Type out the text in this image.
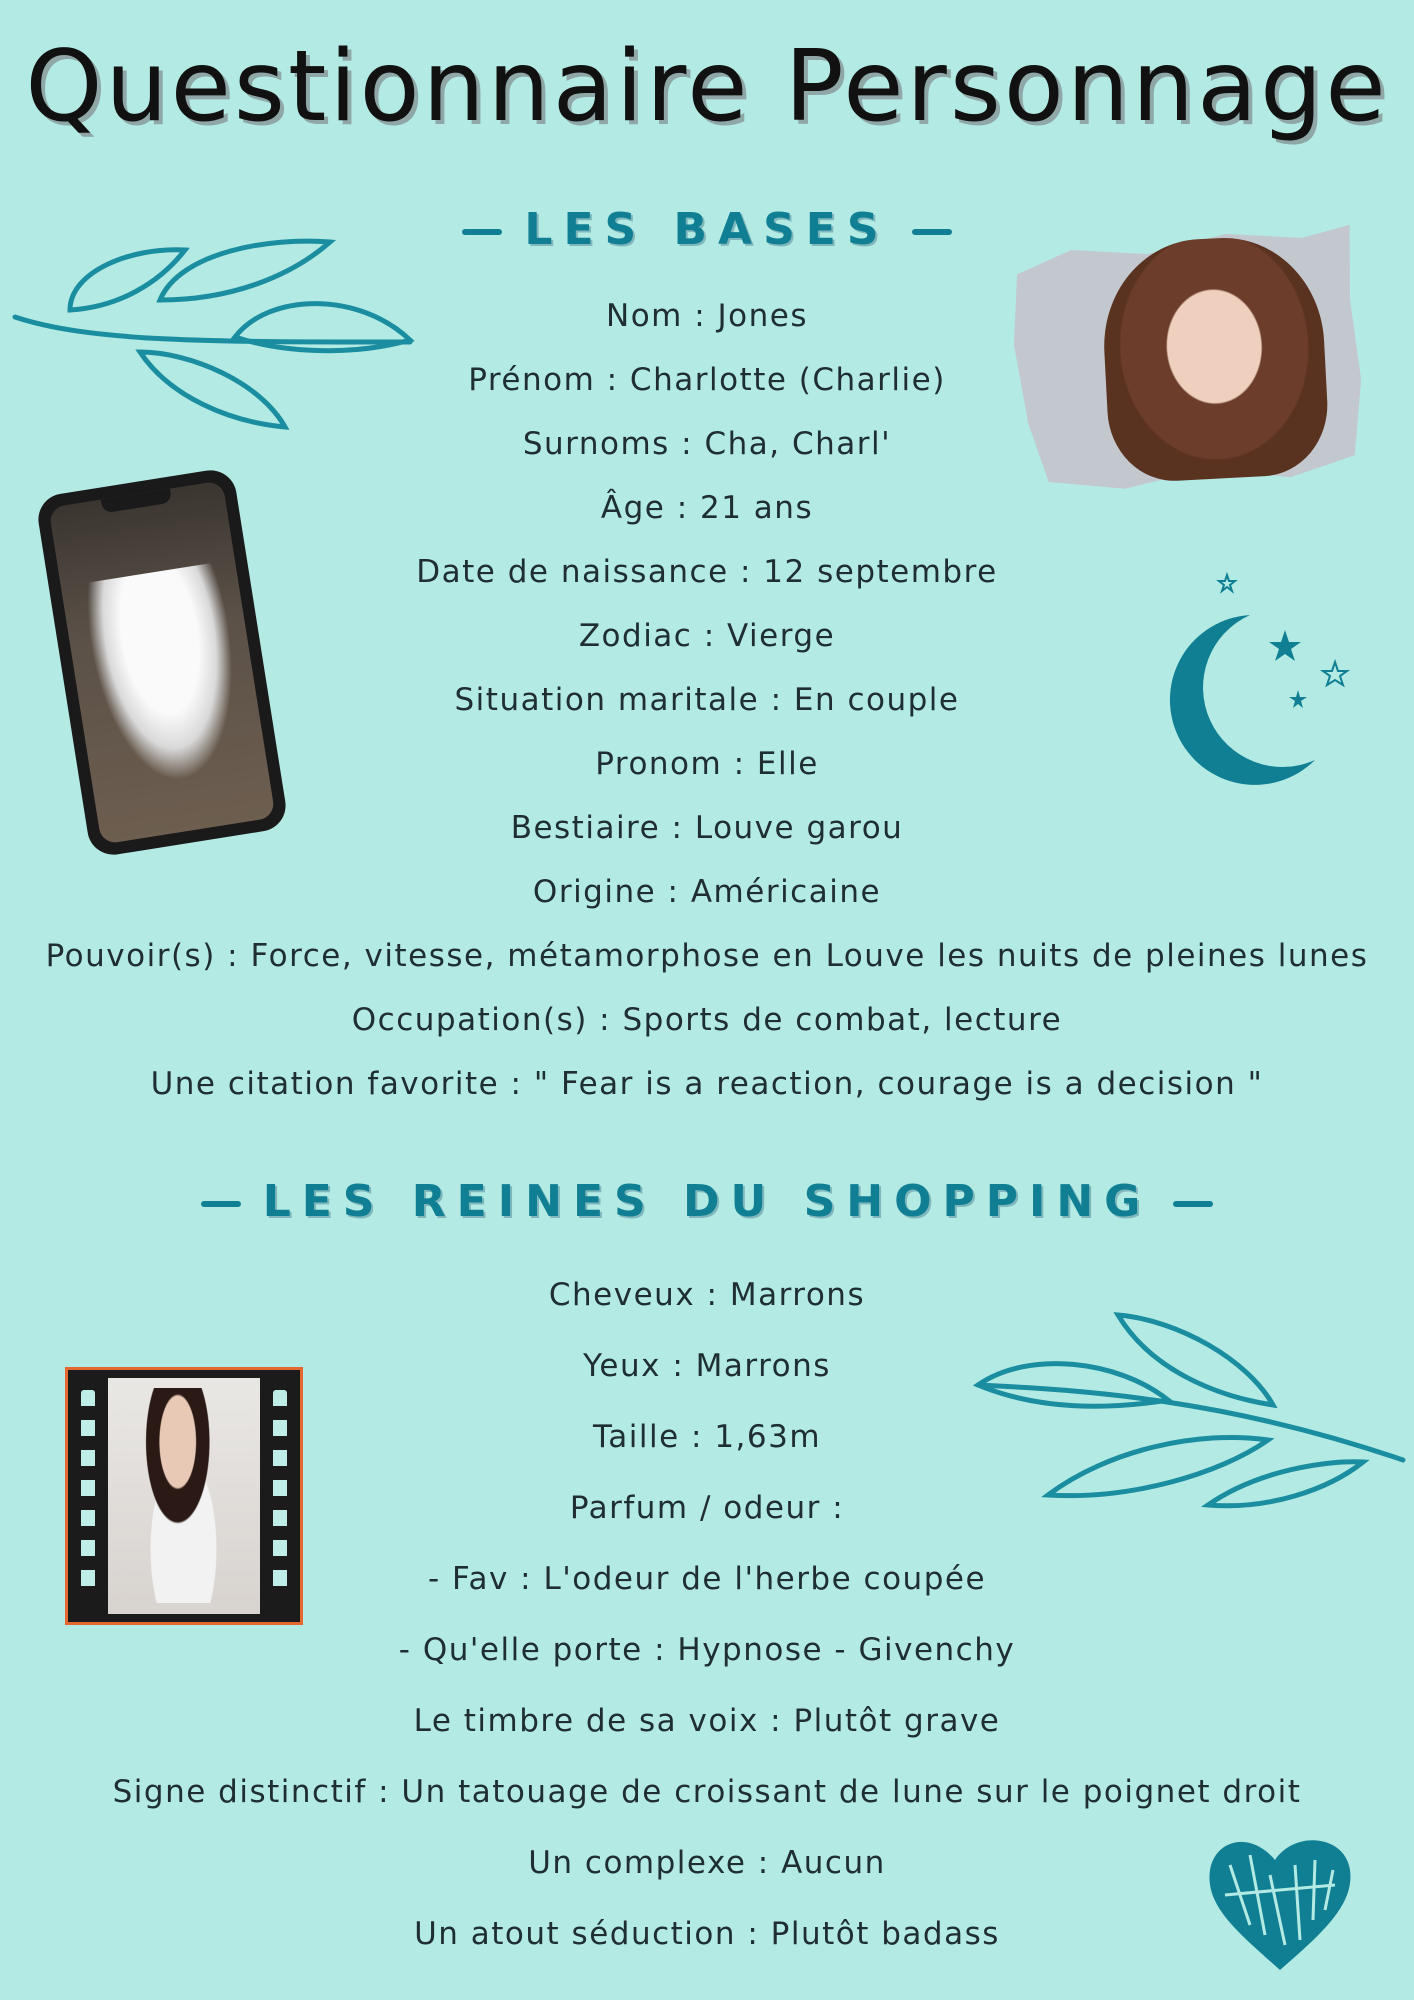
Questionnaire Personnage
LES BASES
Nom : Jones
Prénom : Charlotte (Charlie)
Surnoms : Cha, Charl'
Âge : 21 ans
Date de naissance : 12 septembre
Zodiac : Vierge
Situation maritale : En couple
Pronom : Elle
Bestiaire : Louve garou
Origine : Américaine
Pouvoir(s) : Force, vitesse, métamorphose en Louve les nuits de pleines lunes
Occupation(s) : Sports de combat, lecture
Une citation favorite : " Fear is a reaction, courage is a decision "
LES REINES DU SHOPPING
Cheveux : Marrons
Yeux : Marrons
Taille : 1,63m
Parfum / odeur :
- Fav : L'odeur de l'herbe coupée
- Qu'elle porte : Hypnose - Givenchy
Le timbre de sa voix : Plutôt grave
Signe distinctif : Un tatouage de croissant de lune sur le poignet droit
Un complexe : Aucun
Un atout séduction : Plutôt badass
